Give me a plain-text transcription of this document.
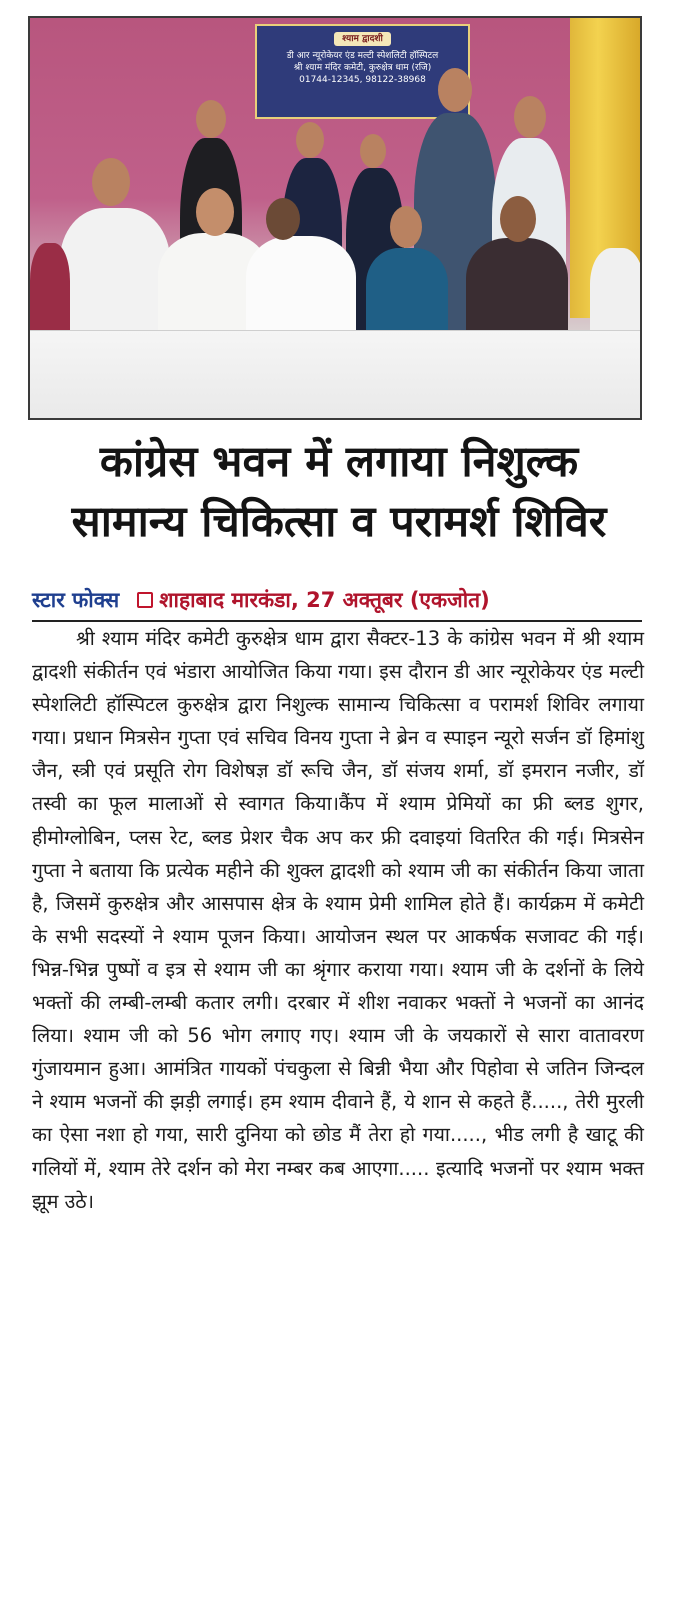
श्याम द्वादशी
डी आर न्यूरोकेयर एंड मल्टी स्पेशलिटी हॉस्पिटल
श्री श्याम मंदिर कमेटी, कुरुक्षेत्र धाम (रजि)
01744-12345, 98122-38968
कांग्रेस भवन में लगाया निशुल्क
सामान्य चिकित्सा व परामर्श शिविर
स्टार फोक्स शाहाबाद मारकंडा, 27 अक्तूबर (एकजोत)
श्री श्याम मंदिर कमेटी कुरुक्षेत्र धाम द्वारा सैक्टर-13 के कांग्रेस भवन में श्री श्याम द्वादशी संकीर्तन एवं भंडारा आयोजित किया गया। इस दौरान डी आर न्यूरोकेयर एंड मल्टी स्पेशलिटी हॉस्पिटल कुरुक्षेत्र द्वारा निशुल्क सामान्य चिकित्सा व परामर्श शिविर लगाया गया। प्रधान मित्रसेन गुप्ता एवं सचिव विनय गुप्ता ने ब्रेन व स्पाइन न्यूरो सर्जन डॉ हिमांशु जैन, स्त्री एवं प्रसूति रोग विशेषज्ञ डॉ रूचि जैन, डॉ संजय शर्मा, डॉ इमरान नजीर, डॉ तस्वी का फूल मालाओं से स्वागत किया।कैंप में श्याम प्रेमियों का फ्री ब्लड शुगर, हीमोग्लोबिन, प्लस रेट, ब्लड प्रेशर चैक अप कर फ्री दवाइयां वितरित की गई। मित्रसेन गुप्ता ने बताया कि प्रत्येक महीने की शुक्ल द्वादशी को श्याम जी का संकीर्तन किया जाता है, जिसमें कुरुक्षेत्र और आसपास क्षेत्र के श्याम प्रेमी शामिल होते हैं। कार्यक्रम में कमेटी के सभी सदस्यों ने श्याम पूजन किया। आयोजन स्थल पर आकर्षक सजावट की गई। भिन्न-भिन्न पुष्पों व इत्र से श्याम जी का श्रृंगार कराया गया। श्याम जी के दर्शनों के लिये भक्तों की लम्बी-लम्बी कतार लगी। दरबार में शीश नवाकर भक्तों ने भजनों का आनंद लिया। श्याम जी को 56 भोग लगाए गए। श्याम जी के जयकारों से सारा वातावरण गुंजायमान हुआ। आमंत्रित गायकों पंचकुला से बिन्नी भैया और पिहोवा से जतिन जिन्दल ने श्याम भजनों की झड़ी लगाई। हम श्याम दीवाने हैं, ये शान से कहते हैं....., तेरी मुरली का ऐसा नशा हो गया, सारी दुनिया को छोड मैं तेरा हो गया....., भीड लगी है खाटू की गलियों में, श्याम तेरे दर्शन को मेरा नम्बर कब आएगा..... इत्यादि भजनों पर श्याम भक्त झूम उठे।
